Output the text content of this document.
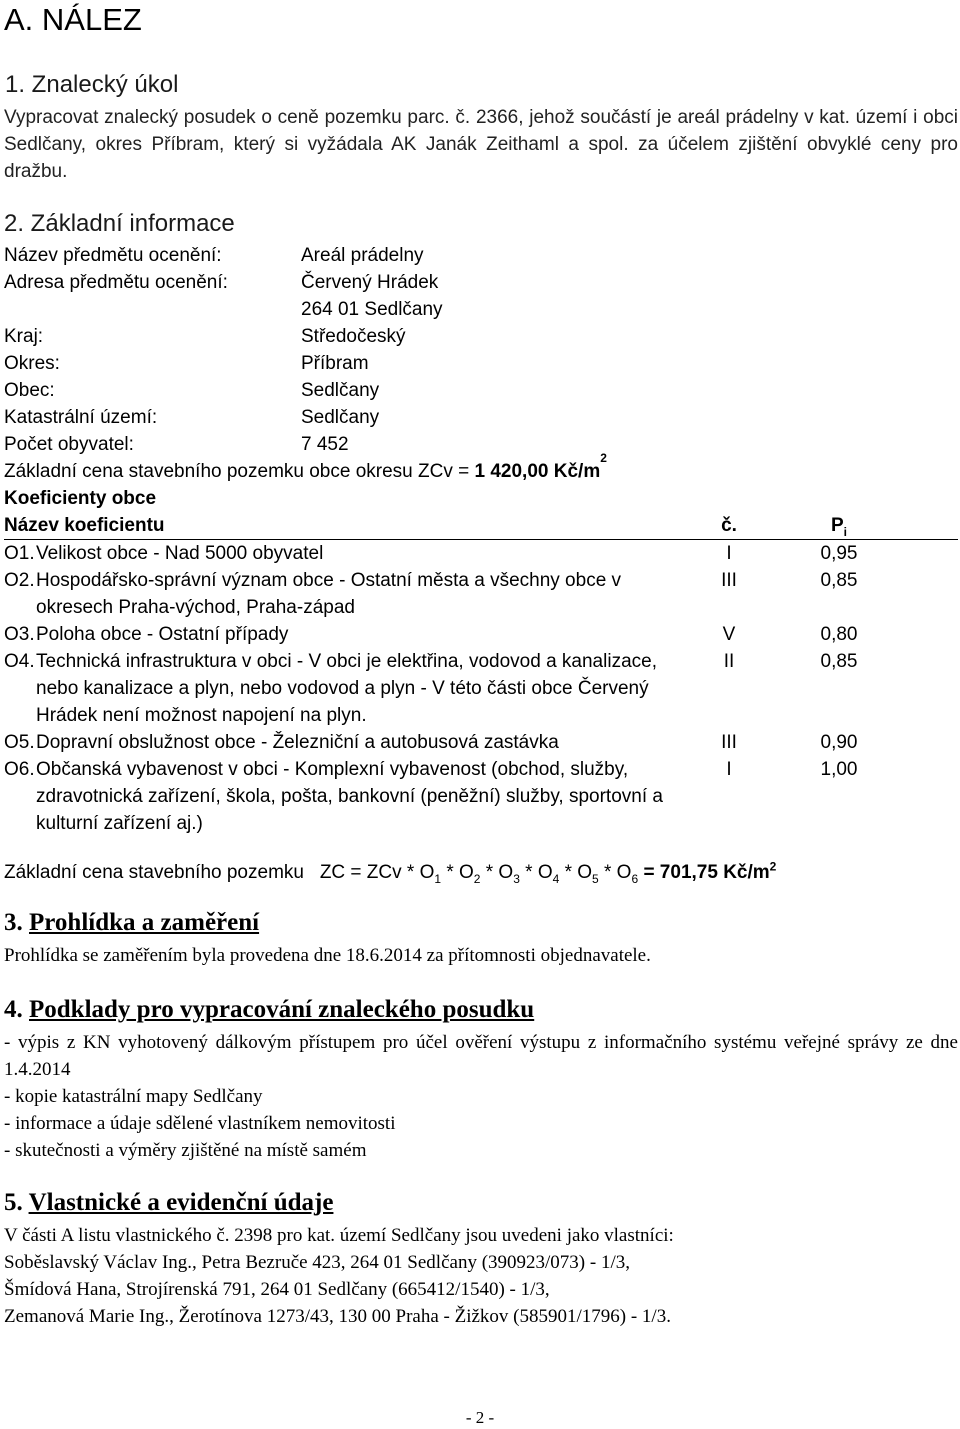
A. NÁLEZ
1. Znalecký úkol

Vypracovat znalecký posudek o ceně pozemku parc. č. 2366, jehož součástí je areál prádelny v kat. území i obci Sedlčany, okres Příbram, který si vyžádala AK Janák Zeitham​l a spol. za účelem zjištění obvyklé ceny pro dražbu.

2. Základní informace
Název předmětu ocenění:	Areál prádelny
Adresa předmětu ocenění:	Červený Hrádek
264 01 Sedlčany
Kraj:	Středočeský
Okres:	Příbram
Obec:	Sedlčany
Katastrální území:	Sedlčany
Počet obyvatel:	7 452
Základní cena stavebního pozemku obce okresu ZCv = 1 420,00 Kč/m
2
Koeficienty obce
Název koeficientu	č.	$P_i$
O1. Velikost obce - Nad 5000 obyvatel	I	0,95
O2. Hospodářsko-správní význam obce - Ostatní města a všechny obce v okresech Praha-východ, Praha-západ
III	0,85
O3. Poloha obce - Ostatní případy	V	0,80
O4. Technická infrastruktura v obci - V obci je elektřina, vodovod a kanalizace, nebo kanalizace a plyn, nebo vodovod a plyn - V této části obce Červený Hrádek není možnost napojení na plyn.
II	0,85
O5. Dopravní obslužnost obce - Železniční a autobusová zastávka	III	0,90
O6. Občanská vybavenost v obci - Komplexní vybavenost (obchod, služby, zdravotnická zařízení, škola, pošta, bankovní (peněžní) služby, sportovní a kulturní zařízení aj.)
I	1,00
Základní cena stavebního pozemku ZC = ZCv * $O_1 * O_2 * O_3 * O_4 * O_5 * O_6 = 701,75$ $Kč/m^2$
3. Prohlídka a zaměření

Prohlídka se zaměřením byla provedena dne 18.6.2014 za přítomnosti objednavatele.

4. Podklady pro vypracování znaleckého posudku

- výpis z KN vyhotovený dálkovým přístupem pro účel ověření výstupu z informačního systému veřejné správy ze dne 1.4.2014

- kopie katastrální mapy Sedlčany

- informace a údaje sdělené vlastníkem nemovitosti

- skutečnosti a výměry zjištěné na místě samém

5. Vlastnické a evidenční údaje

V části A listu vlastnického č. 2398 pro kat. území Sedlčany jsou uvedeni jako vlastníci:

Soběslavský Václav Ing., Petra Bezruče 423, 264 01 Sedlčany (390923/073) - 1/3,

Šmídová Hana, Strojírenská 791, 264 01 Sedlčany (665412/1540) - 1/3,

Zemanová Marie Ing., Žerotínova 1273/43, 130 00 Praha - Žižkov (585901/1796) - 1/3.

- 2 -
